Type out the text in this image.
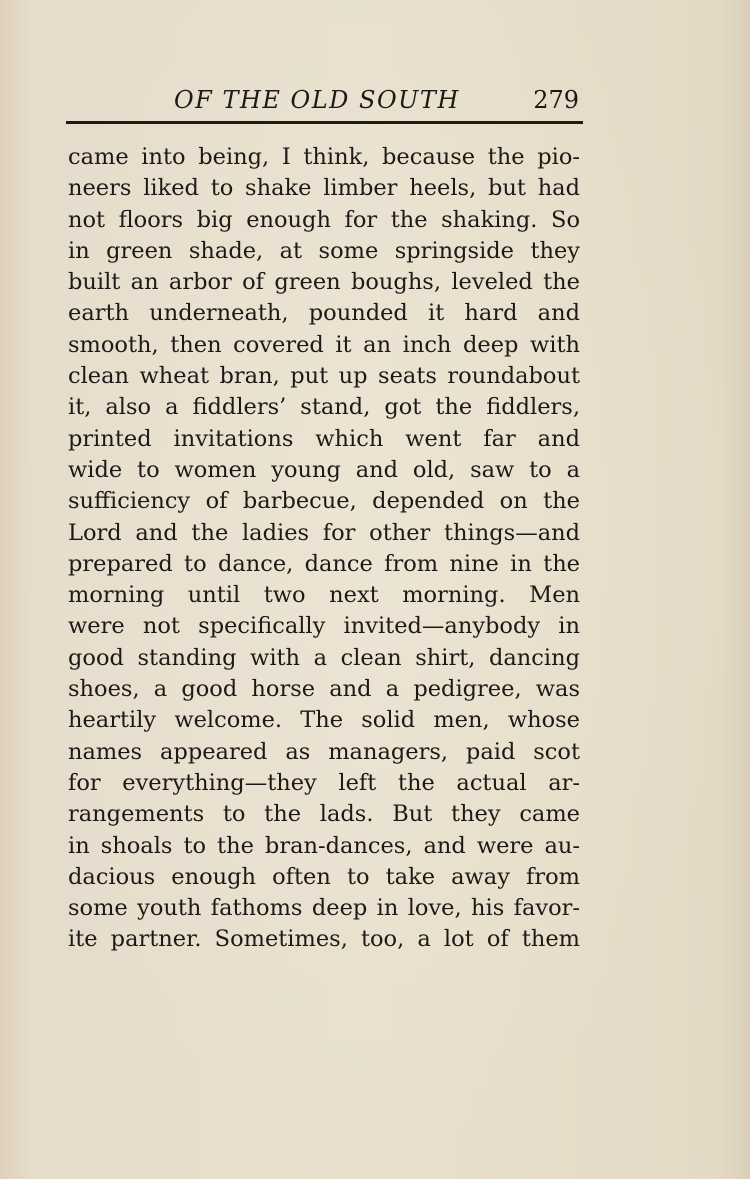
OF THE OLD SOUTH	279
came into being, I think, because the pio-
neers liked to shake limber heels, but had
not floors big enough for the shaking. So
in green shade, at some springside they
built an arbor of green boughs, leveled the
earth underneath, pounded it hard and
smooth, then covered it an inch deep with
clean wheat bran, put up seats roundabout
it, also a fiddlers’ stand, got the fiddlers,
printed invitations which went far and
wide to women young and old, saw to a
sufficiency of barbecue, depended on the
Lord and the ladies for other things—and
prepared to dance, dance from nine in the
morning until two next morning. Men
were not specifically invited—anybody in
good standing with a clean shirt, dancing
shoes, a good horse and a pedigree, was
heartily welcome. The solid men, whose
names appeared as managers, paid scot
for everything—they left the actual ar-
rangements to the lads. But they came
in shoals to the bran-dances, and were au-
dacious enough often to take away from
some youth fathoms deep in love, his favor-
ite partner. Sometimes, too, a lot of them
